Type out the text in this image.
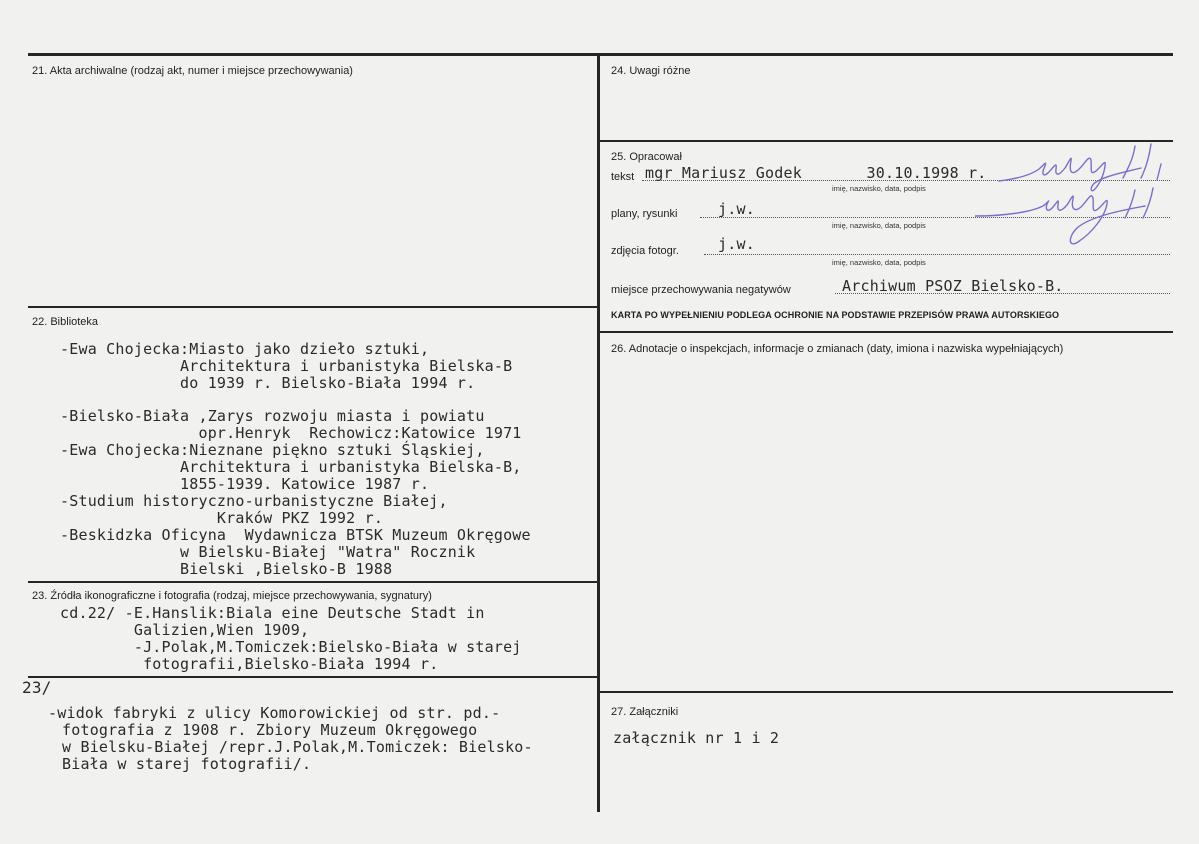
21. Akta archiwalne (rodzaj akt, numer i miejsce przechowywania)
22. Biblioteka
-Ewa Chojecka:Miasto jako dzieło sztuki,
Architektura i urbanistyka Bielska-B
do 1939 r. Bielsko-Biała 1994 r.
-Bielsko-Biała ,Zarys rozwoju miasta i powiatu
opr.Henryk  Rechowicz:Katowice 1971
-Ewa Chojecka:Nieznane piękno sztuki Śląskiej,
Architektura i urbanistyka Bielska-B,
1855-1939. Katowice 1987 r.
-Studium historyczno-urbanistyczne Białej,
Kraków PKZ 1992 r.
-Beskidzka Oficyna  Wydawnicza BTSK Muzeum Okręgowe
w Bielsku-Białej "Watra" Rocznik
Bielski ,Bielsko-B 1988
23. Źródła ikonograficzne i fotografia (rodzaj, miejsce przechowywania, sygnatury)
cd.22/ -E.Hanslik:Biala eine Deutsche Stadt in
Galizien,Wien 1909,
-J.Polak,M.Tomiczek:Bielsko-Biała w starej
fotografii,Bielsko-Biała 1994 r.
23/
-widok fabryki z ulicy Komorowickiej od str. pd.-
fotografia z 1908 r. Zbiory Muzeum Okręgowego
w Bielsku-Białej /repr.J.Polak,M.Tomiczek: Bielsko-
Biała w starej fotografii/.
24. Uwagi różne
25. Opracował
tekst mgr Mariusz Godek       30.10.1998 r.
imię, nazwisko, data, podpis
plany, rysunki	j.w.
imię, nazwisko, data, podpis
zdjęcia fotogr.	j.w.
imię, nazwisko, data, podpis
miejsce przechowywania negatywów	Archiwum PSOZ Bielsko-B.
KARTA PO WYPEŁNIENIU PODLEGA OCHRONIE NA PODSTAWIE PRZEPISÓW PRAWA AUTORSKIEGO
26. Adnotacje o inspekcjach, informacje o zmianach (daty, imiona i nazwiska wypełniających)
27. Załączniki
załącznik nr 1 i 2
